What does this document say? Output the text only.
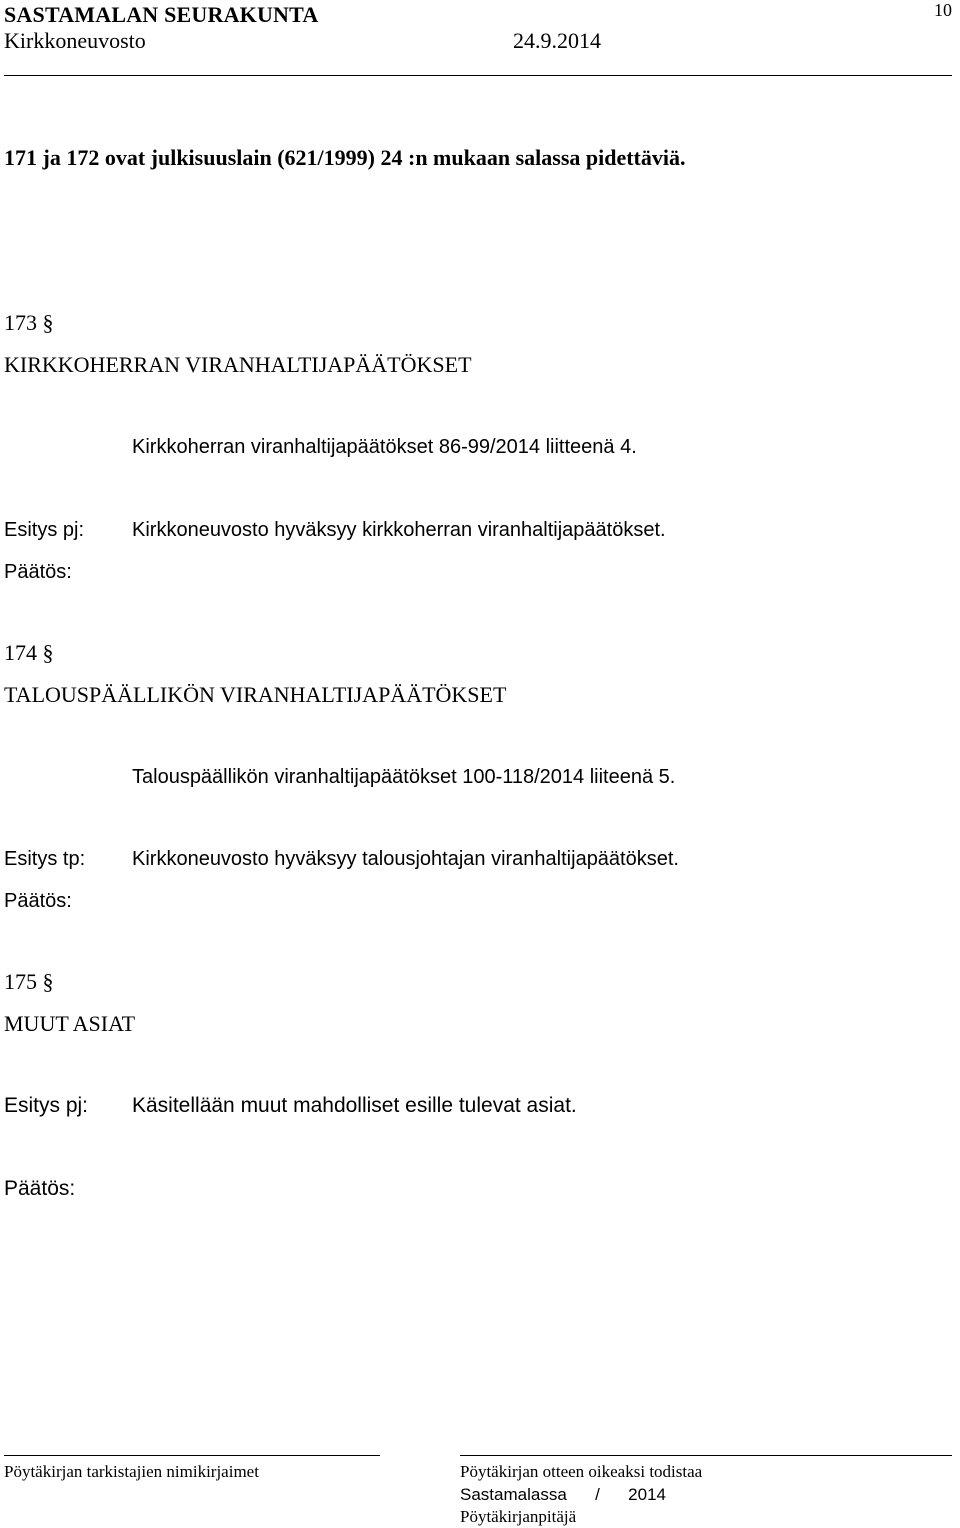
SASTAMALAN SEURAKUNTA	10
Kirkkoneuvosto	24.9.2014
171 ja 172 ovat julkisuuslain (621/1999) 24 :n mukaan salassa pidettäviä.
173 §
KIRKKOHERRAN VIRANHALTIJAPÄÄTÖKSET
Kirkkoherran viranhaltijapäätökset 86-99/2014 liitteenä 4.
Esitys pj: Kirkkoneuvosto hyväksyy kirkkoherran viranhaltijapäätökset.
Päätös:
174 §
TALOUSPÄÄLLIKÖN VIRANHALTIJAPÄÄTÖKSET
Talouspäällikön viranhaltijapäätökset 100-118/2014 liiteenä 5.
Esitys tp: Kirkkoneuvosto hyväksyy talousjohtajan viranhaltijapäätökset.
Päätös:
175 §
MUUT ASIAT
Esitys pj: Käsitellään muut mahdolliset esille tulevat asiat.
Päätös:
Pöytäkirjan tarkistajien nimikirjaimet	Pöytäkirjan otteen oikeaksi todistaa
Sastamalassa      /      2014
Pöytäkirjanpitäjä
